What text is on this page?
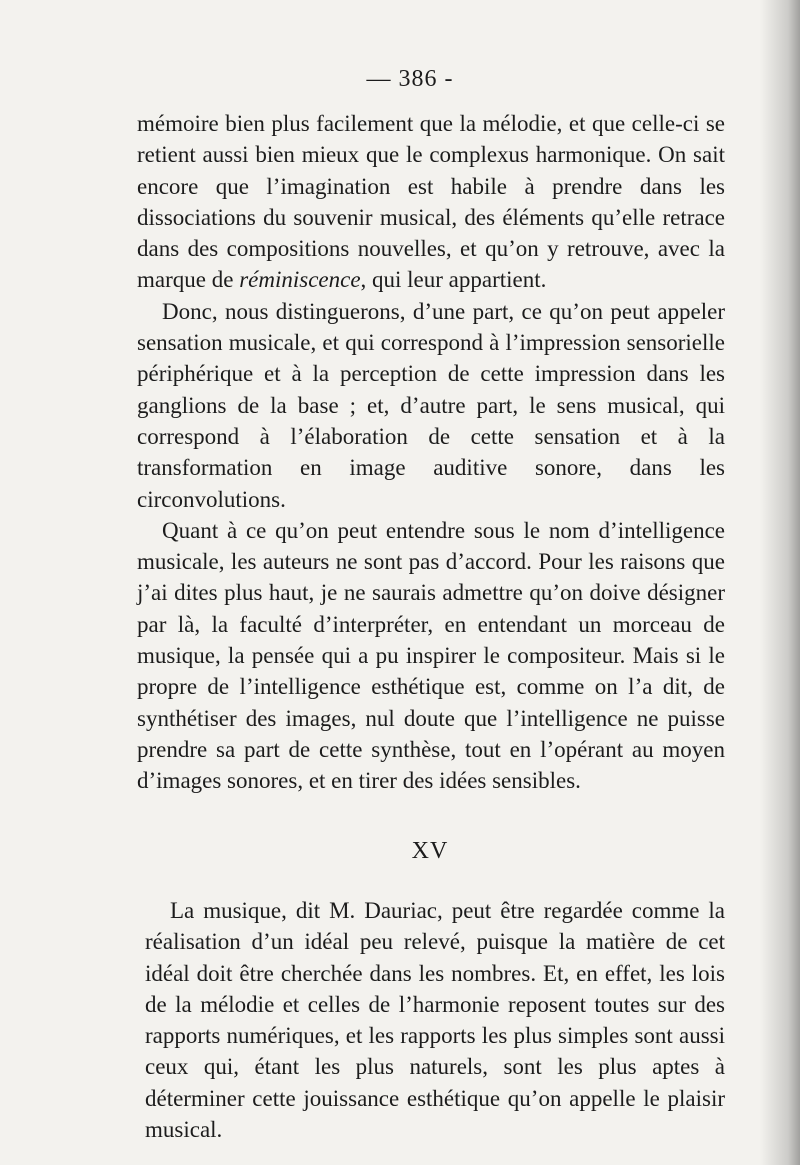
— 386 -

mémoire bien plus facilement que la mélodie, et que celle-ci se retient aussi bien mieux que le complexus harmonique. On sait encore que l’imagination est habile à prendre dans les dissociations du souvenir musical, des éléments qu’elle retrace dans des compositions nouvelles, et qu’on y retrouve, avec la marque de réminiscence, qui leur appartient.

Donc, nous distinguerons, d’une part, ce qu’on peut appeler sensation musicale, et qui correspond à l’impression sensorielle périphérique et à la perception de cette impression dans les ganglions de la base ; et, d’autre part, le sens musical, qui correspond à l’élaboration de cette sensation et à la transformation en image auditive sonore, dans les circonvolutions.

Quant à ce qu’on peut entendre sous le nom d’intelligence musicale, les auteurs ne sont pas d’accord. Pour les raisons que j’ai dites plus haut, je ne saurais admettre qu’on doive désigner par là, la faculté d’interpréter, en entendant un morceau de musique, la pensée qui a pu inspirer le compositeur. Mais si le propre de l’intelligence esthétique est, comme on l’a dit, de synthétiser des images, nul doute que l’intelligence ne puisse prendre sa part de cette synthèse, tout en l’opérant au moyen d’images sonores, et en tirer des idées sensibles.

XV

La musique, dit M. Dauriac, peut être regardée comme la réalisation d’un idéal peu relevé, puisque la matière de cet idéal doit être cherchée dans les nombres. Et, en effet, les lois de la mélodie et celles de l’harmonie reposent toutes sur des rapports numériques, et les rapports les plus simples sont aussi ceux qui, étant les plus naturels, sont les plus aptes à déterminer cette jouissance esthétique qu’on appelle le plaisir musical.
